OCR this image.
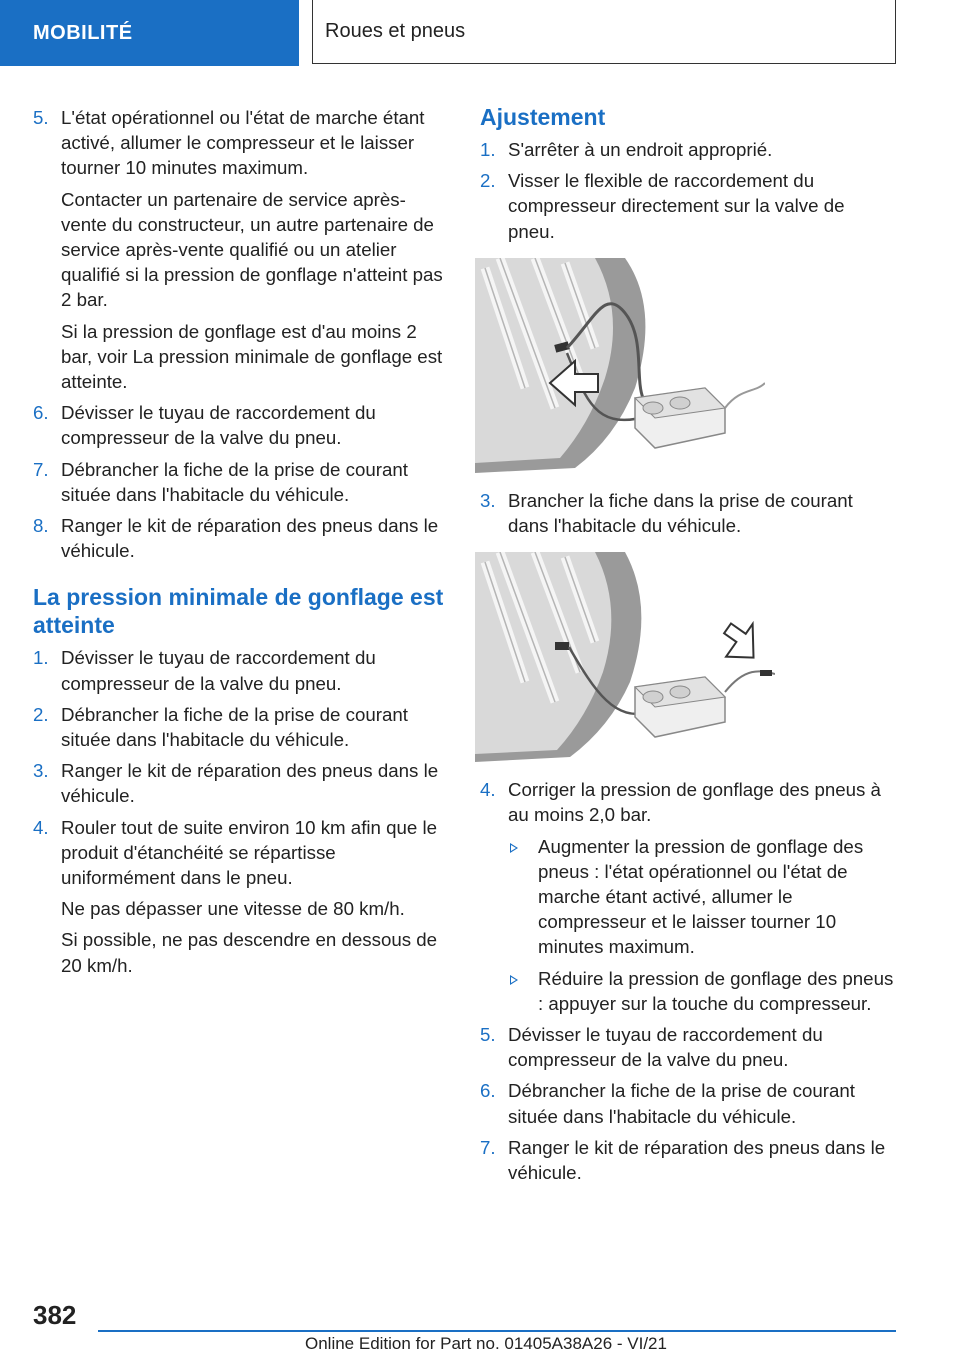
MOBILITÉ	Roues et pneus
5. L'état opérationnel ou l'état de marche étant activé, allumer le compresseur et le laisser tourner 10 minutes maximum.

Contacter un partenaire de service après-vente du constructeur, un autre partenaire de service après-vente qualifié ou un atelier qualifié si la pression de gonflage n'atteint pas 2 bar.

Si la pression de gonflage est d'au moins 2 bar, voir La pression minimale de gonflage est atteinte.

6. Dévisser le tuyau de raccordement du compresseur de la valve du pneu.

7. Débrancher la fiche de la prise de courant située dans l'habitacle du véhicule.

8. Ranger le kit de réparation des pneus dans le véhicule.

La pression minimale de gonflage est atteinte
1. Dévisser le tuyau de raccordement du compresseur de la valve du pneu.

2. Débrancher la fiche de la prise de courant située dans l'habitacle du véhicule.

3. Ranger le kit de réparation des pneus dans le véhicule.

4. Rouler tout de suite environ 10 km afin que le produit d'étanchéité se répartisse uniformément dans le pneu.

Ne pas dépasser une vitesse de 80 km/h.

Si possible, ne pas descendre en dessous de 20 km/h.

Ajustement
1. S'arrêter à un endroit approprié.

2. Visser le flexible de raccordement du compresseur directement sur la valve de pneu.

3. Brancher la fiche dans la prise de courant dans l'habitacle du véhicule.

4. Corriger la pression de gonflage des pneus à au moins 2,0 bar.

Augmenter la pression de gonflage des pneus : l'état opérationnel ou l'état de marche étant activé, allumer le compresseur et le laisser tourner 10 minutes maximum.
Réduire la pression de gonflage des pneus : appuyer sur la touche du compresseur.
5. Dévisser le tuyau de raccordement du compresseur de la valve du pneu.

6. Débrancher la fiche de la prise de courant située dans l'habitacle du véhicule.

7. Ranger le kit de réparation des pneus dans le véhicule.

382
Online Edition for Part no. 01405A38A26 - VI/21
